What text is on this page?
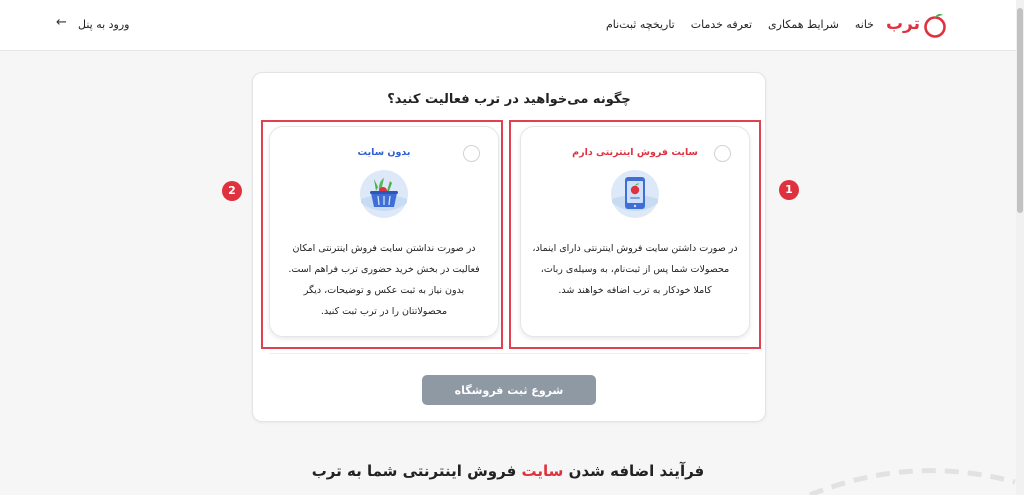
ترب
خانه
شرایط همکاری
تعرفه خدمات
تاریخچه ثبت‌نام
ورود به پنل
←
چگونه می‌خواهید در ترب فعالیت کنید؟
سایت فروش اینترنتی دارم
در صورت داشتن سایت فروش اینترنتی دارای اینماد،
محصولات شما پس از ثبت‌نام، به وسیله‌ی ربات،
کاملا خودکار به ترب اضافه خواهند شد.
بدون سایت
در صورت نداشتن سایت فروش اینترنتی امکان
فعالیت در بخش خرید حضوری ترب فراهم است.
بدون نیاز به ثبت عکس و توضیحات، دیگر
محصولاتتان را در ترب ثبت کنید.
شروع ثبت فروشگاه
1
2
فرآیند اضافه شدن سایت فروش اینترنتی شما به ترب
